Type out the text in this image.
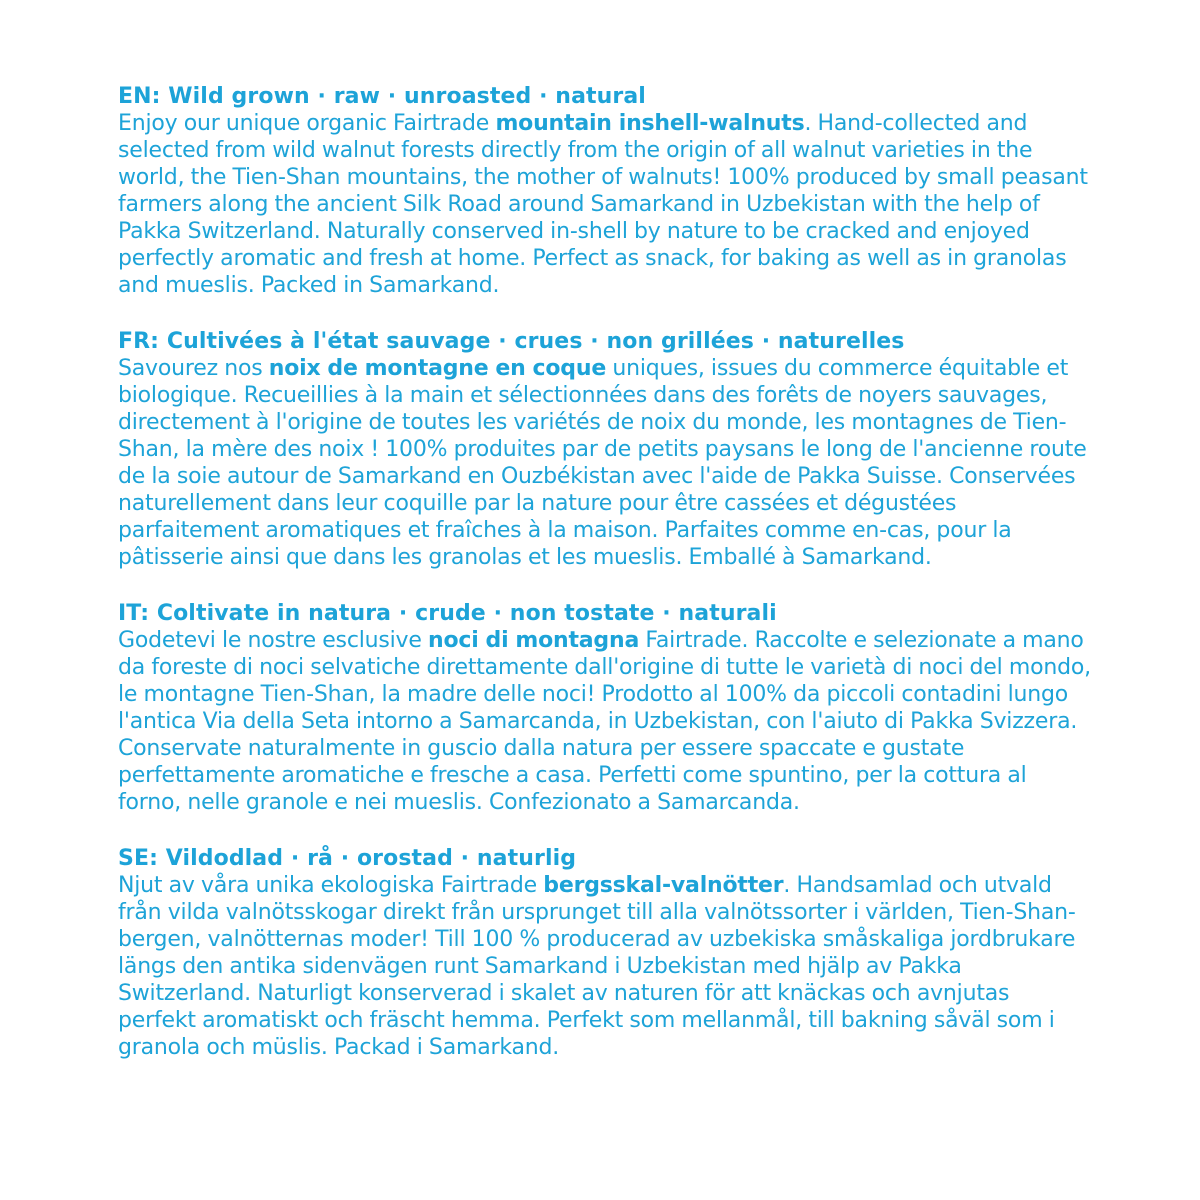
EN: Wild grown · raw · unroasted · natural
Enjoy our unique organic Fairtrade mountain inshell-walnuts. Hand-collected and selected from wild walnut forests directly from the origin of all walnut varieties in the world, the Tien-Shan mountains, the mother of walnuts! 100% produced by small peasant farmers along the ancient Silk Road around Samarkand in Uzbekistan with the help of Pakka Switzerland. Naturally conserved in-shell by nature to be cracked and enjoyed perfectly aromatic and fresh at home. Perfect as snack, for baking as well as in granolas and mueslis. Packed in Samarkand.
FR: Cultivées à l'état sauvage · crues · non grillées · naturelles
Savourez nos noix de montagne en coque uniques, issues du commerce équitable et biologique. Recueillies à la main et sélectionnées dans des forêts de noyers sauvages, directement à l'origine de toutes les variétés de noix du monde, les montagnes de Tien-Shan, la mère des noix ! 100% produites par de petits paysans le long de l'ancienne route de la soie autour de Samarkand en Ouzbékistan avec l'aide de Pakka Suisse. Conservées naturellement dans leur coquille par la nature pour être cassées et dégustées parfaitement aromatiques et fraîches à la maison. Parfaites comme en-cas, pour la pâtisserie ainsi que dans les granolas et les mueslis. Emballé à Samarkand.
IT: Coltivate in natura · crude · non tostate · naturali
Godetevi le nostre esclusive noci di montagna Fairtrade. Raccolte e selezionate a mano da foreste di noci selvatiche direttamente dall'origine di tutte le varietà di noci del mondo, le montagne Tien-Shan, la madre delle noci! Prodotto al 100% da piccoli contadini lungo l'antica Via della Seta intorno a Samarcanda, in Uzbekistan, con l'aiuto di Pakka Svizzera. Conservate naturalmente in guscio dalla natura per essere spaccate e gustate perfettamente aromatiche e fresche a casa. Perfetti come spuntino, per la cottura al forno, nelle granole e nei mueslis. Confezionato a Samarcanda.
SE: Vildodlad · rå · orostad · naturlig
Njut av våra unika ekologiska Fairtrade bergsskal-valnötter. Handsamlad och utvald från vilda valnötsskogar direkt från ursprunget till alla valnötssorter i världen, Tien-Shan-bergen, valnötternas moder! Till 100 % producerad av uzbekiska småskaliga jordbrukare längs den antika sidenvägen runt Samarkand i Uzbekistan med hjälp av Pakka Switzerland. Naturligt konserverad i skalet av naturen för att knäckas och avnjutas perfekt aromatiskt och fräscht hemma. Perfekt som mellanmål, till bakning såväl som i granola och müslis. Packad i Samarkand.
